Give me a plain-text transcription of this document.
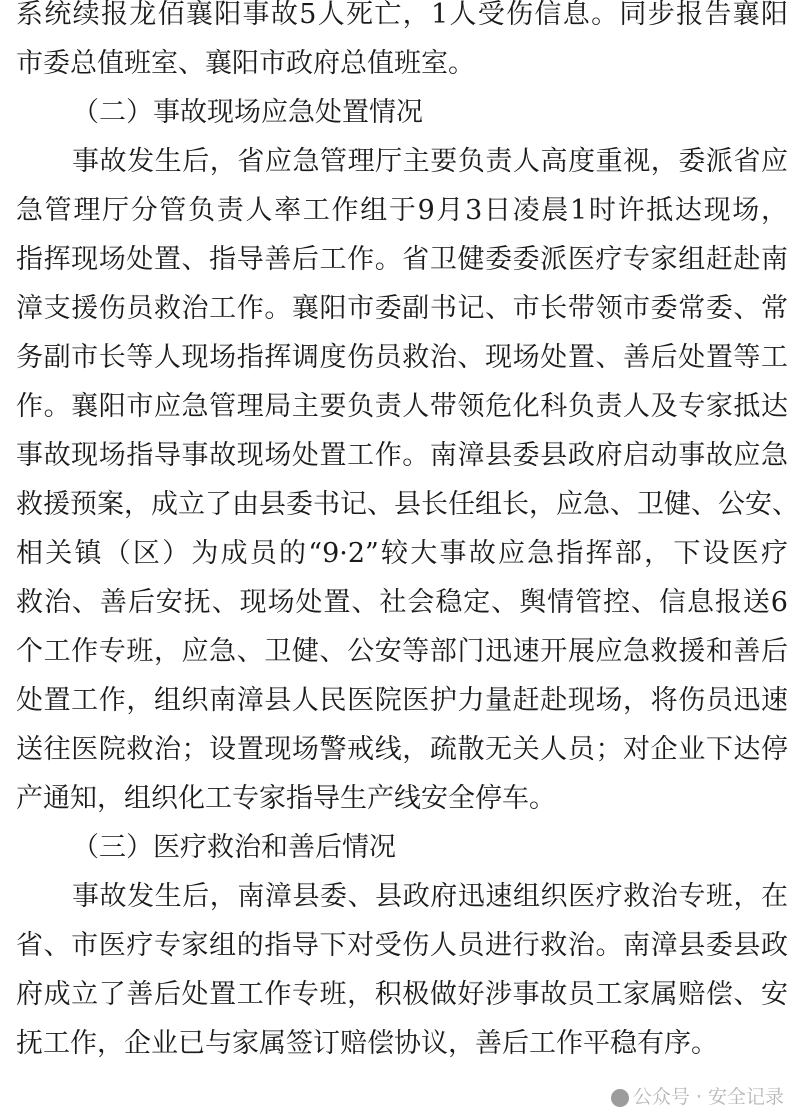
系统续报龙佰襄阳事故5人死亡，1人受伤信息。同步报告襄阳
市委总值班室、襄阳市政府总值班室。
（二）事故现场应急处置情况
事故发生后，省应急管理厅主要负责人高度重视，委派省应
急管理厅分管负责人率工作组于9月3日凌晨1时许抵达现场，
指挥现场处置、指导善后工作。省卫健委委派医疗专家组赶赴南
漳支援伤员救治工作。襄阳市委副书记、市长带领市委常委、常
务副市长等人现场指挥调度伤员救治、现场处置、善后处置等工
作。襄阳市应急管理局主要负责人带领危化科负责人及专家抵达
事故现场指导事故现场处置工作。南漳县委县政府启动事故应急
救援预案，成立了由县委书记、县长任组长，应急、卫健、公安、
相关镇（区）为成员的“9·2”较大事故应急指挥部，下设医疗
救治、善后安抚、现场处置、社会稳定、舆情管控、信息报送6
个工作专班，应急、卫健、公安等部门迅速开展应急救援和善后
处置工作，组织南漳县人民医院医护力量赶赴现场，将伤员迅速
送往医院救治；设置现场警戒线，疏散无关人员；对企业下达停
产通知，组织化工专家指导生产线安全停车。
（三）医疗救治和善后情况
事故发生后，南漳县委、县政府迅速组织医疗救治专班，在
省、市医疗专家组的指导下对受伤人员进行救治。南漳县委县政
府成立了善后处置工作专班，积极做好涉事故员工家属赔偿、安
抚工作，企业已与家属签订赔偿协议，善后工作平稳有序。
公众号 · 安全记录
